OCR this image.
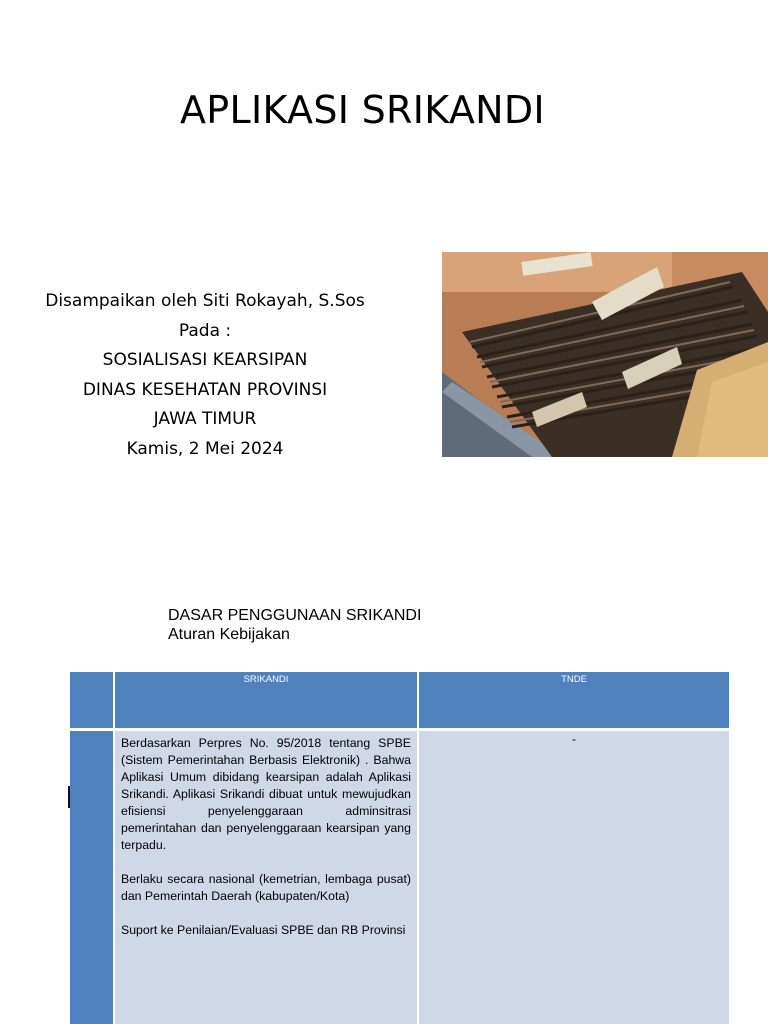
APLIKASI SRIKANDI
Disampaikan oleh Siti Rokayah, S.Sos
Pada :
SOSIALISASI KEARSIPAN
DINAS KESEHATAN PROVINSI
JAWA TIMUR
Kamis, 2 Mei 2024
DASAR PENGGUNAAN SRIKANDI
Aturan Kebijakan
SRIKANDI	TNDE

Berdasarkan Perpres No. 95/2018 tentang SPBE (Sistem Pemerintahan Berbasis Elektronik) . Bahwa Aplikasi Umum dibidang kearsipan adalah Aplikasi Srikandi. Aplikasi Srikandi dibuat untuk mewujudkan efisiensi penyelenggaraan adminsitrasi pemerintahan dan penyelenggaraan kearsipan yang terpadu.

Berlaku secara nasional (kemetrian, lembaga pusat) dan Pemerintah Daerah (kabupaten/Kota)

Suport ke Penilaian/Evaluasi SPBE dan RB Provinsi

-
